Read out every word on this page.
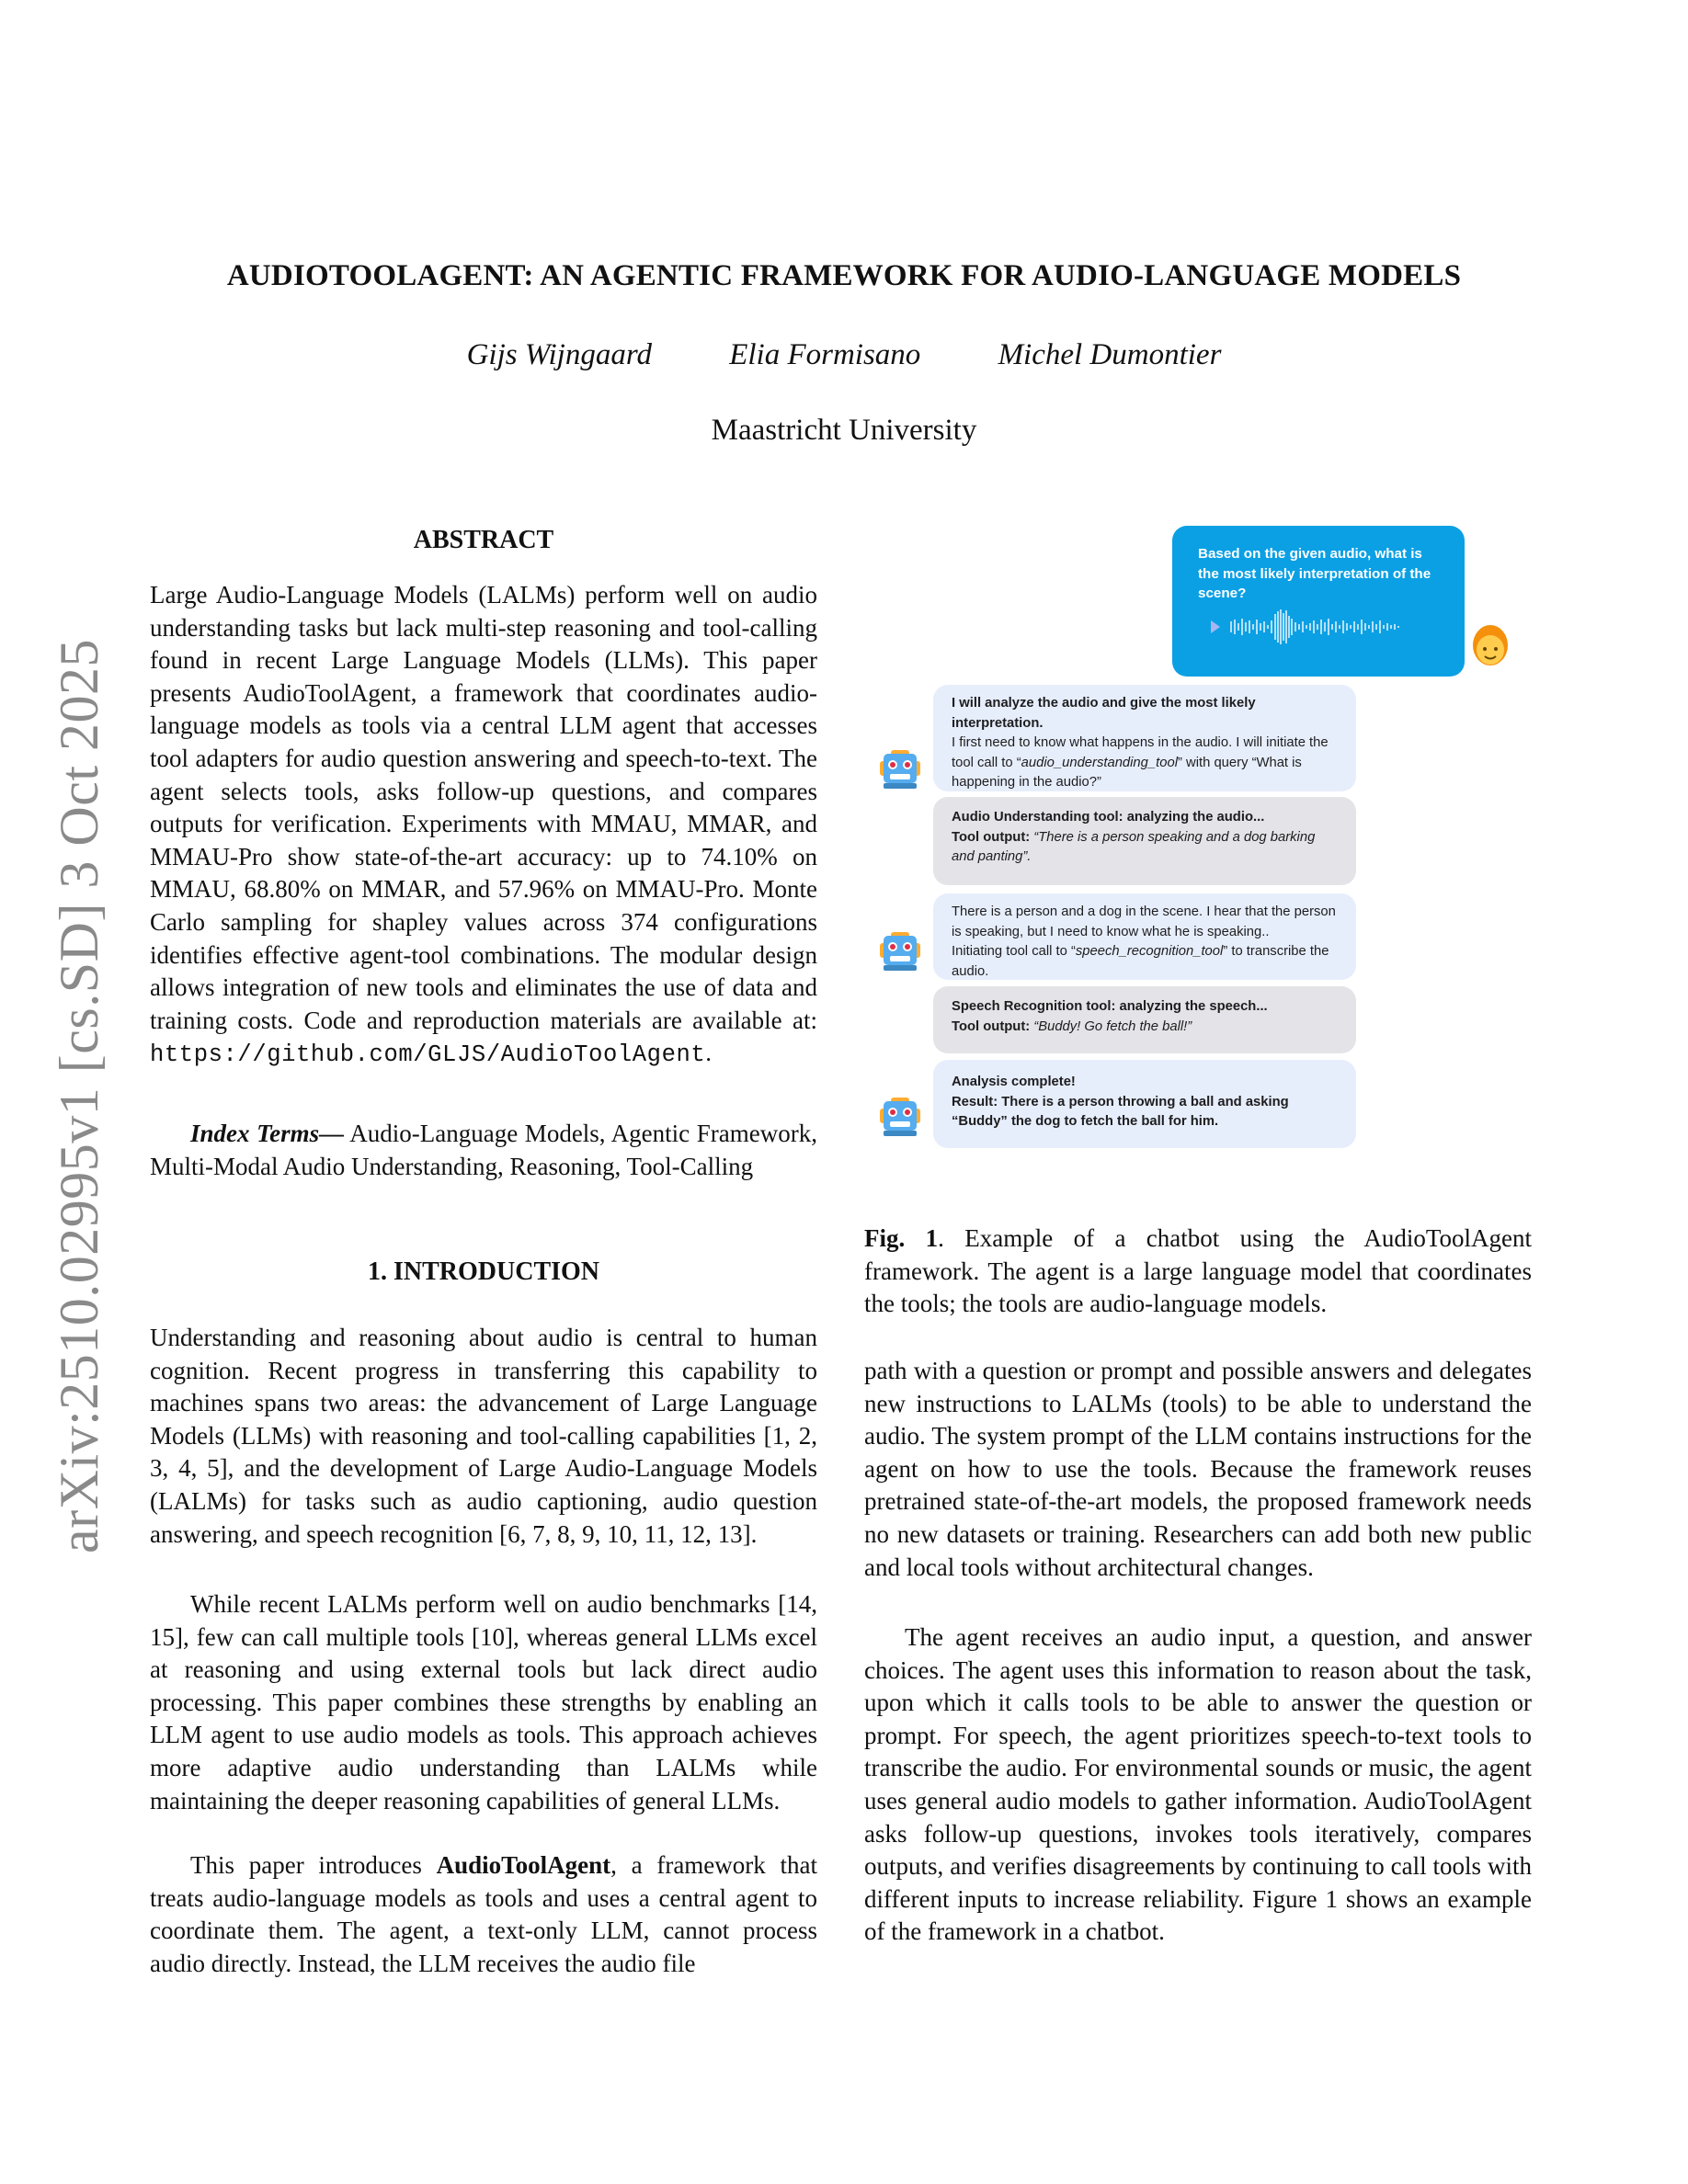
arXiv:2510.02995v1 [cs.SD] 3 Oct 2025
AUDIOTOOLAGENT: AN AGENTIC FRAMEWORK FOR AUDIO-LANGUAGE MODELS
Gijs Wijngaard	Elia Formisano	Michel Dumontier
Maastricht University
ABSTRACT

Large Audio-Language Models (LALMs) perform well on audio understanding tasks but lack multi-step reasoning and tool-calling found in recent Large Language Models (LLMs). This paper presents AudioToolAgent, a framework that coordinates audio-language models as tools via a central LLM agent that accesses tool adapters for audio question answering and speech-to-text. The agent selects tools, asks follow-up questions, and compares outputs for verification. Experiments with MMAU, MMAR, and MMAU-Pro show state-of-the-art accuracy: up to 74.10% on MMAU, 68.80% on MMAR, and 57.96% on MMAU-Pro. Monte Carlo sampling for shapley values across 374 configurations identifies effective agent-tool combinations. The modular design allows integration of new tools and eliminates the use of data and training costs. Code and reproduction materials are available at: https://github.com/GLJS/AudioToolAgent.

Index Terms— Audio-Language Models, Agentic Framework, Multi-Modal Audio Understanding, Reasoning, Tool-Calling

1. INTRODUCTION

Understanding and reasoning about audio is central to human cognition. Recent progress in transferring this capability to machines spans two areas: the advancement of Large Language Models (LLMs) with reasoning and tool-calling capabilities [1, 2, 3, 4, 5], and the development of Large Audio-Language Models (LALMs) for tasks such as audio captioning, audio question answering, and speech recognition [6, 7, 8, 9, 10, 11, 12, 13].

While recent LALMs perform well on audio benchmarks [14, 15], few can call multiple tools [10], whereas general LLMs excel at reasoning and using external tools but lack direct audio processing. This paper combines these strengths by enabling an LLM agent to use audio models as tools. This approach achieves more adaptive audio understanding than LALMs while maintaining the deeper reasoning capabilities of general LLMs.

This paper introduces AudioToolAgent, a framework that treats audio-language models as tools and uses a central agent to coordinate them. The agent, a text-only LLM, cannot process audio directly. Instead, the LLM receives the audio file

Based on the given audio, what is the most likely interpretation of the scene?
I will analyze the audio and give the most likely interpretation.
I first need to know what happens in the audio. I will initiate the tool call to “audio_understanding_tool” with query “What is happening in the audio?”
Audio Understanding tool: analyzing the audio...
Tool output: “There is a person speaking and a dog barking and panting”.
There is a person and a dog in the scene. I hear that the person is speaking, but I need to know what he is speaking..
Initiating tool call to “speech_recognition_tool” to transcribe the audio.
Speech Recognition tool: analyzing the speech...
Tool output: “Buddy! Go fetch the ball!”
Analysis complete!
Result: There is a person throwing a ball and asking “Buddy” the dog to fetch the ball for him.

Fig. 1. Example of a chatbot using the AudioToolAgent framework. The agent is a large language model that coordinates the tools; the tools are audio-language models.

path with a question or prompt and possible answers and delegates new instructions to LALMs (tools) to be able to understand the audio. The system prompt of the LLM contains instructions for the agent on how to use the tools. Because the framework reuses pretrained state-of-the-art models, the proposed framework needs no new datasets or training. Researchers can add both new public and local tools without architectural changes.

The agent receives an audio input, a question, and answer choices. The agent uses this information to reason about the task, upon which it calls tools to be able to answer the question or prompt. For speech, the agent prioritizes speech-to-text tools to transcribe the audio. For environmental sounds or music, the agent uses general audio models to gather information. AudioToolAgent asks follow-up questions, invokes tools iteratively, compares outputs, and verifies disagreements by continuing to call tools with different inputs to increase reliability. Figure 1 shows an example of the framework in a chatbot.
